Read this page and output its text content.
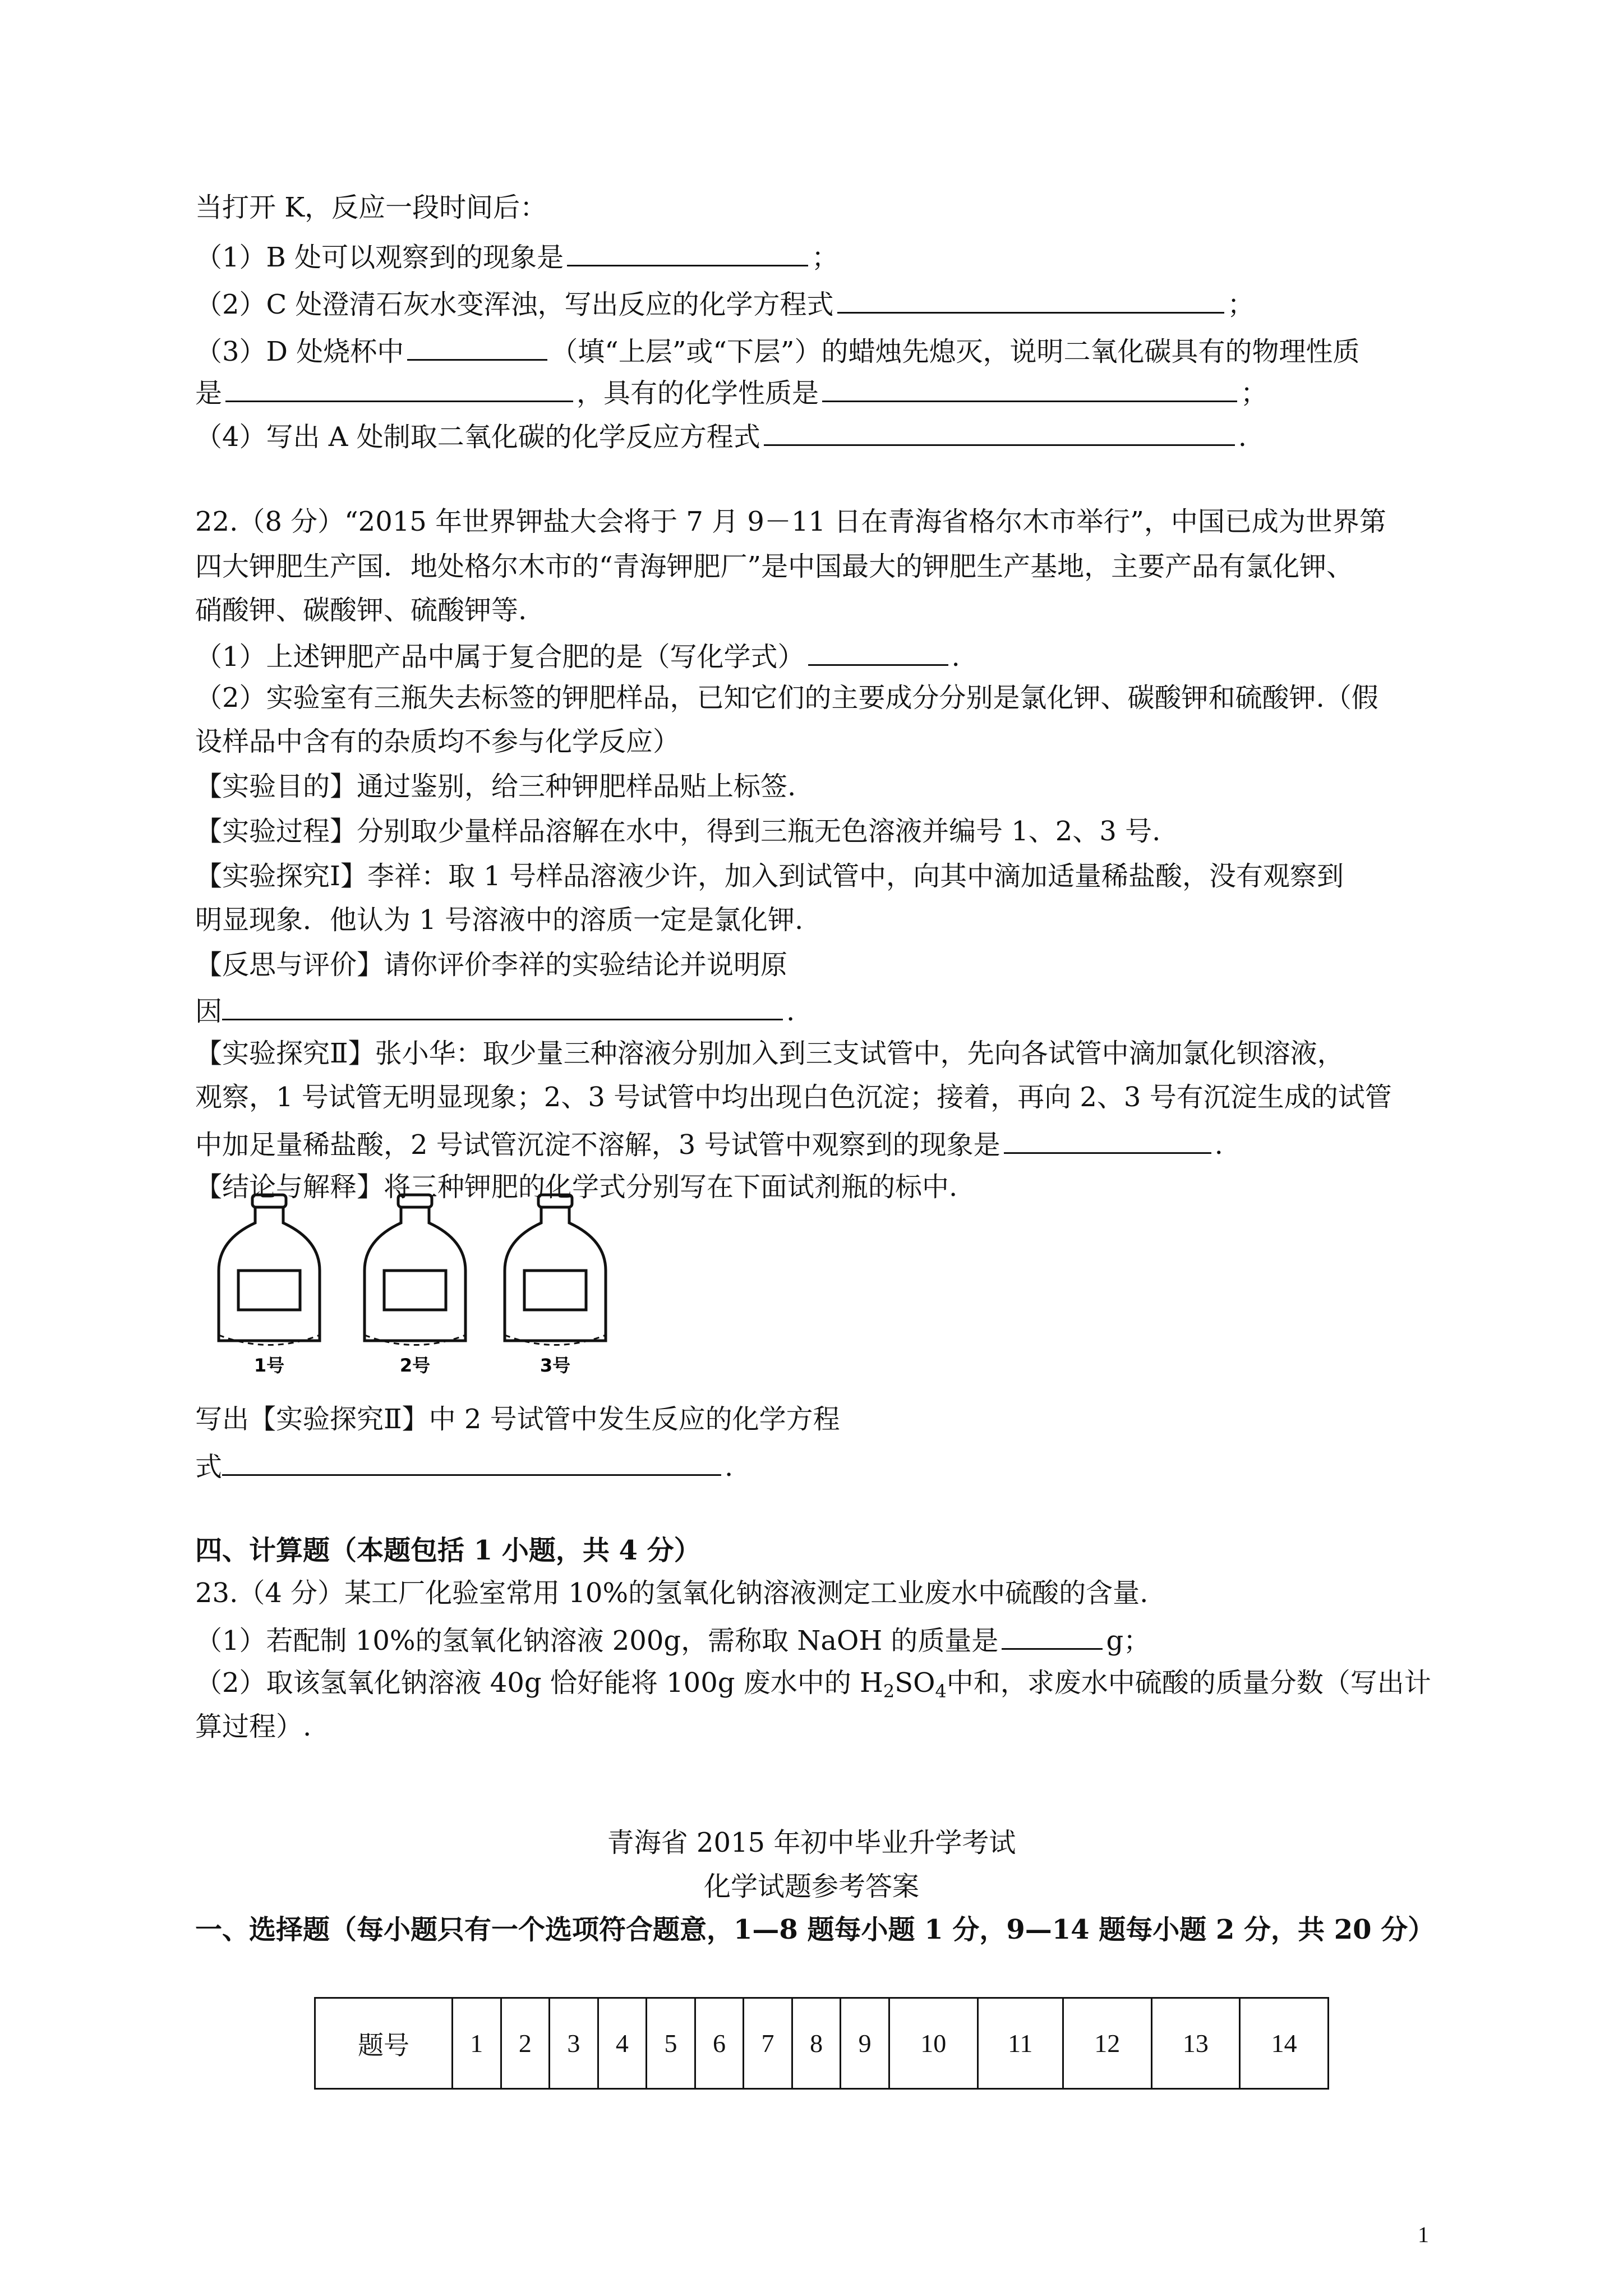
当打开 K，反应一段时间后：
（1）B 处可以观察到的现象是	；
（2）C 处澄清石灰水变浑浊，写出反应的化学方程式	；
（3）D 处烧杯中	（填“上层”或“下层”）的蜡烛先熄灭，说明二氧化碳具有的物理性质
是	，具有的化学性质是	；
（4）写出 A 处制取二氧化碳的化学反应方程式	.
22.（8 分）“2015 年世界钾盐大会将于 7 月 9－11 日在青海省格尔木市举行”，中国已成为世界第
四大钾肥生产国．地处格尔木市的“青海钾肥厂”是中国最大的钾肥生产基地，主要产品有氯化钾、
硝酸钾、碳酸钾、硫酸钾等.
（1）上述钾肥产品中属于复合肥的是（写化学式）	.
（2）实验室有三瓶失去标签的钾肥样品，已知它们的主要成分分别是氯化钾、碳酸钾和硫酸钾.（假
设样品中含有的杂质均不参与化学反应）
【实验目的】通过鉴别，给三种钾肥样品贴上标签.
【实验过程】分别取少量样品溶解在水中，得到三瓶无色溶液并编号 1、2、3 号.
【实验探究Ⅰ】李祥：取 1 号样品溶液少许，加入到试管中，向其中滴加适量稀盐酸，没有观察到
明显现象．他认为 1 号溶液中的溶质一定是氯化钾.
【反思与评价】请你评价李祥的实验结论并说明原
因	.
【实验探究Ⅱ】张小华：取少量三种溶液分别加入到三支试管中，先向各试管中滴加氯化钡溶液，
观察，1 号试管无明显现象；2、3 号试管中均出现白色沉淀；接着，再向 2、3 号有沉淀生成的试管
中加足量稀盐酸，2 号试管沉淀不溶解，3 号试管中观察到的现象是	.
【结论与解释】将三种钾肥的化学式分别写在下面试剂瓶的标中.
1号	2号	3号
写出【实验探究Ⅱ】中 2 号试管中发生反应的化学方程
式	.
四、计算题（本题包括 1 小题，共 4 分）
23.（4 分）某工厂化验室常用 10%的氢氧化钠溶液测定工业废水中硫酸的含量.
（1）若配制 10%的氢氧化钠溶液 200g，需称取 NaOH 的质量是	g；
（2）取该氢氧化钠溶液 40g 恰好能将 100g 废水中的 $H_2SO_4$中和，求废水中硫酸的质量分数（写出计
算过程）.
青海省 2015 年初中毕业升学考试
化学试题参考答案
一、选择题（每小题只有一个选项符合题意，1—8 题每小题 1 分，9—14 题每小题 2 分，共 20 分）
题号	1	2	3	4	5	6	7	8	9	10	11	12	13	14
1
